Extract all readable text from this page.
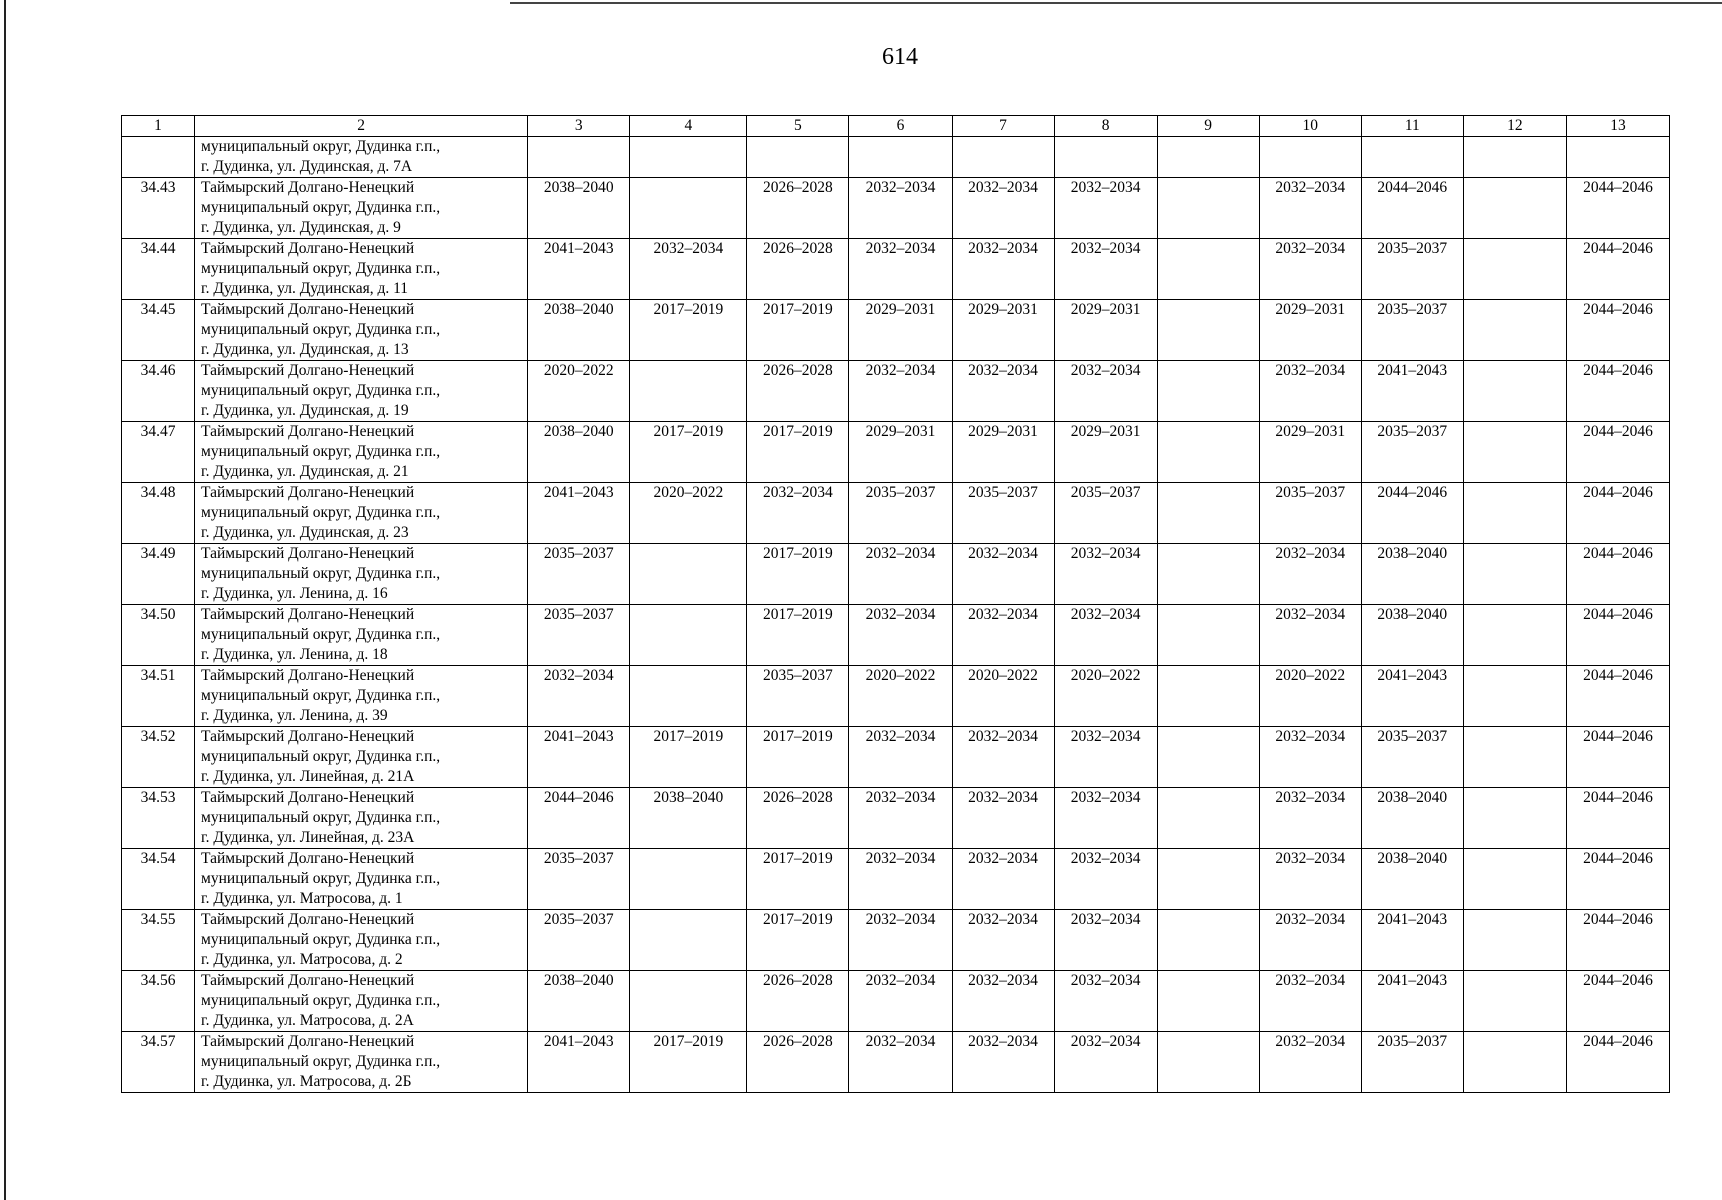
614
1	2	3	4	5	6	7	8	9	10	11	12	13

	муниципальный округ, Дудинка г.п.,
г. Дудинка, ул. Дудинская, д. 7А											

34.43	Таймырский Долгано-Ненецкий
муниципальный округ, Дудинка г.п.,
г. Дудинка, ул. Дудинская, д. 9	2038–2040		2026–2028	2032–2034	2032–2034	2032–2034		2032–2034	2044–2046		2044–2046
34.44	Таймырский Долгано-Ненецкий
муниципальный округ, Дудинка г.п.,
г. Дудинка, ул. Дудинская, д. 11	2041–2043	2032–2034	2026–2028	2032–2034	2032–2034	2032–2034		2032–2034	2035–2037		2044–2046
34.45	Таймырский Долгано-Ненецкий
муниципальный округ, Дудинка г.п.,
г. Дудинка, ул. Дудинская, д. 13	2038–2040	2017–2019	2017–2019	2029–2031	2029–2031	2029–2031		2029–2031	2035–2037		2044–2046
34.46	Таймырский Долгано-Ненецкий
муниципальный округ, Дудинка г.п.,
г. Дудинка, ул. Дудинская, д. 19	2020–2022		2026–2028	2032–2034	2032–2034	2032–2034		2032–2034	2041–2043		2044–2046
34.47	Таймырский Долгано-Ненецкий
муниципальный округ, Дудинка г.п.,
г. Дудинка, ул. Дудинская, д. 21	2038–2040	2017–2019	2017–2019	2029–2031	2029–2031	2029–2031		2029–2031	2035–2037		2044–2046
34.48	Таймырский Долгано-Ненецкий
муниципальный округ, Дудинка г.п.,
г. Дудинка, ул. Дудинская, д. 23	2041–2043	2020–2022	2032–2034	2035–2037	2035–2037	2035–2037		2035–2037	2044–2046		2044–2046
34.49	Таймырский Долгано-Ненецкий
муниципальный округ, Дудинка г.п.,
г. Дудинка, ул. Ленина, д. 16	2035–2037		2017–2019	2032–2034	2032–2034	2032–2034		2032–2034	2038–2040		2044–2046
34.50	Таймырский Долгано-Ненецкий
муниципальный округ, Дудинка г.п.,
г. Дудинка, ул. Ленина, д. 18	2035–2037		2017–2019	2032–2034	2032–2034	2032–2034		2032–2034	2038–2040		2044–2046
34.51	Таймырский Долгано-Ненецкий
муниципальный округ, Дудинка г.п.,
г. Дудинка, ул. Ленина, д. 39	2032–2034		2035–2037	2020–2022	2020–2022	2020–2022		2020–2022	2041–2043		2044–2046
34.52	Таймырский Долгано-Ненецкий
муниципальный округ, Дудинка г.п.,
г. Дудинка, ул. Линейная, д. 21А	2041–2043	2017–2019	2017–2019	2032–2034	2032–2034	2032–2034		2032–2034	2035–2037		2044–2046
34.53	Таймырский Долгано-Ненецкий
муниципальный округ, Дудинка г.п.,
г. Дудинка, ул. Линейная, д. 23А	2044–2046	2038–2040	2026–2028	2032–2034	2032–2034	2032–2034		2032–2034	2038–2040		2044–2046
34.54	Таймырский Долгано-Ненецкий
муниципальный округ, Дудинка г.п.,
г. Дудинка, ул. Матросова, д. 1	2035–2037		2017–2019	2032–2034	2032–2034	2032–2034		2032–2034	2038–2040		2044–2046
34.55	Таймырский Долгано-Ненецкий
муниципальный округ, Дудинка г.п.,
г. Дудинка, ул. Матросова, д. 2	2035–2037		2017–2019	2032–2034	2032–2034	2032–2034		2032–2034	2041–2043		2044–2046
34.56	Таймырский Долгано-Ненецкий
муниципальный округ, Дудинка г.п.,
г. Дудинка, ул. Матросова, д. 2А	2038–2040		2026–2028	2032–2034	2032–2034	2032–2034		2032–2034	2041–2043		2044–2046
34.57	Таймырский Долгано-Ненецкий
муниципальный округ, Дудинка г.п.,
г. Дудинка, ул. Матросова, д. 2Б	2041–2043	2017–2019	2026–2028	2032–2034	2032–2034	2032–2034		2032–2034	2035–2037		2044–2046
